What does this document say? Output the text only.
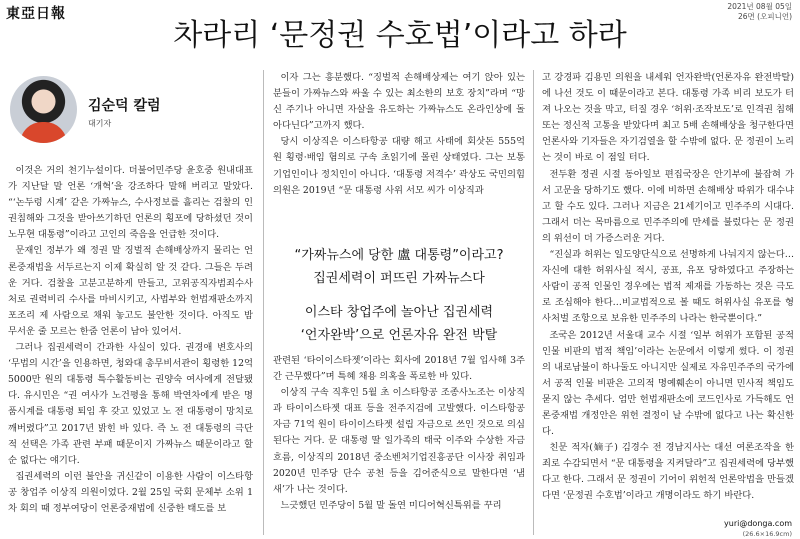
東亞日報	2021년 08월 05일
26면 (오피니언)
차라리 ‘문정권 수호법’이라고 하라
김순덕 칼럼
대기자

이것은 거의 천기누설이다. 더불어민주당 윤호중 원내대표가 지난달 말 언론 ‘개혁’을 강조하다 말해 버리고 말았다. “‘논두렁 시계’ 같은 가짜뉴스, 수사정보를 흘리는 검찰의 인권침해와 그것을 받아쓰기하던 언론의 횡포에 당하셨던 것이 노무현 대통령”이라고 고인의 죽음을 언급한 것이다.

문재인 정부가 왜 정권 말 징벌적 손해배상까지 물리는 언론중재법을 서두르는지 이제 확실히 알 것 같다. 그들은 두려운 거다. 검찰을 고분고분하게 만들고, 고위공직자범죄수사처로 권력비리 수사를 마비시키고, 사법부와 헌법재판소까지 포조리 제 사람으로 채워 놓고도 불안한 것이다. 아직도 밤 무서운 줄 모르는 한줌 언론이 남아 있어서.

그러나 집권세력이 간과한 사실이 있다. 권경애 변호사의 ‘무법의 시간’을 인용하면, 청와대 총무비서관이 횡령한 12억5000만 원의 대통령 특수활동비는 권양숙 여사에게 전달됐다. 유시민은 “권 여사가 노건평을 통해 박연차에게 받은 명품시계를 대통령 퇴임 후 갖고 있었고 노 전 대통령이 망치로 깨버렸다”고 2017년 밝힌 바 있다. 즉 노 전 대통령의 극단적 선택은 가족 관련 부패 때문이지 가짜뉴스 때문이라고 할 순 없다는 얘기다.

집권세력의 이런 불안을 귀신같이 이용한 사람이 이스타항공 창업주 이상직 의원이었다. 2월 25일 국회 문체부 소위 1차 회의 때 정부여당이 언론중재법에 신중한 태도를 보

이자 그는 흥분했다. “징벌적 손해배상제는 여기 앉아 있는 분들이 가짜뉴스와 싸울 수 있는 최소한의 보호 장치”라며 “망신 주기나 아니면 자살을 유도하는 가짜뉴스도 온라인상에 돌아다닌다”고까지 했다.

당시 이상직은 이스타항공 대량 해고 사태에 회삿돈 555억 원 횡령·배임 혐의로 구속 초읽기에 몰린 상태였다. 그는 보통 기업인이나 정치인이 아니다. ‘대통령 저격수’ 곽상도 국민의힘 의원은 2019년 “문 대통령 사위 서모 씨가 이상직과

“가짜뉴스에 당한 盧 대통령”이라고?
집권세력이 퍼뜨린 가짜뉴스다
이스타 창업주에 놀아난 집권세력
‘언자완박’으로 언론자유 완전 박탈

관련된 ‘타이이스타젯’이라는 회사에 2018년 7월 입사해 3주간 근무했다”며 특혜 채용 의혹을 폭로한 바 있다.

이상직 구속 직후인 5월 초 이스타항공 조종사노조는 이상직과 타이이스타젯 대표 등을 전주지검에 고발했다. 이스타항공 자금 71억 원이 타이이스타젯 설립 자금으로 쓰인 것으로 의심된다는 거다. 문 대통령 딸 일가족의 태국 이주와 수상한 자금 흐름, 이상직의 2018년 중소벤처기업진흥공단 이사장 취임과 2020년 민주당 단수 공천 등을 김어준식으로 말한다면 ‘냄새’가 나는 것이다.

느긋했던 민주당이 5월 말 돌연 미디어혁신특위를 꾸리

고 강경파 김용민 의원을 내세워 언자완박(언론자유 완전박탈)에 나선 것도 이 때문이라고 본다. 대통령 가족 비리 보도가 터져 나오는 것을 막고, 터질 경우 ‘허위·조작보도’로 인격권 침해 또는 정신적 고통을 받았다며 최고 5배 손해배상을 청구한다면 언론사와 기자들은 자기검열을 할 수밖에 없다. 문 정권이 노리는 것이 바로 이 점일 터다.

전두환 정권 시절 동아일보 편집국장은 안기부에 불잡혀 가서 고문을 당하기도 했다. 이에 비하면 손해배상 따위가 대수냐고 할 수도 있다. 그러나 지금은 21세기이고 민주주의 시대다. 그래서 더는 목마름으로 민주주의에 만세를 불렀다는 문 정권의 위선이 더 가증스러운 거다.

“진실과 허위는 일도양단식으로 선명하게 나눠지지 않는다…자신에 대한 허위사실 적시, 공표, 유포 당하였다고 주장하는 사람이 공적 인물인 경우에는 법적 제재를 가동하는 것은 극도로 조심해야 한다…비교법적으로 볼 때도 허위사실 유포를 형사처벌 조항으로 보유한 민주주의 나라는 한국뿐이다.”

조국은 2012년 서울대 교수 시절 ‘일부 허위가 포함된 공적 인물 비판의 법적 책임’이라는 논문에서 이렇게 썼다. 이 정권의 내로남불이 하나둘도 아니지만 실제로 자유민주주의 국가에서 공적 인물 비판은 고의적 명예훼손이 아니면 민사적 책임도 묻지 않는 추세다. 엄만 헌법재판소에 코드인사로 가득해도 언론중재법 개정안은 위헌 결정이 날 수밖에 없다고 나는 확신한다.

친문 적자(嫡子) 김경수 전 경남지사는 대선 여론조작을 한 죄로 수감되면서 “문 대통령을 지켜달라”고 집권세력에 당부했다고 한다. 그래서 문 정권이 기어이 위헌적 언론악법을 만들겠다면 ‘문정권 수호법’이라고 개명이라도 하기 바란다.

yuri@donga.com
(26.6×16.9cm)
